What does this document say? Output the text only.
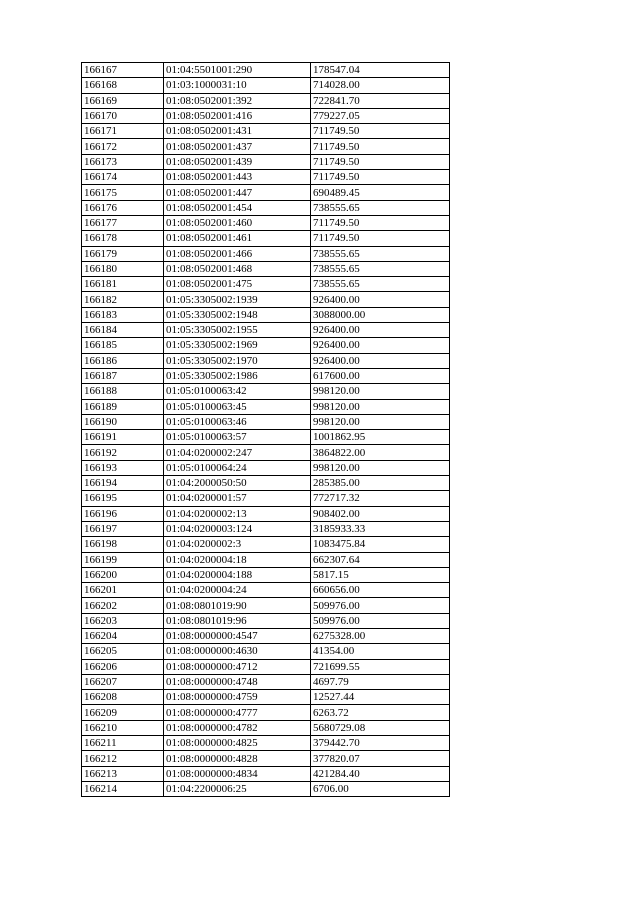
166167	01:04:5501001:290	178547.04
166168	01:03:1000031:10	714028.00
166169	01:08:0502001:392	722841.70
166170	01:08:0502001:416	779227.05
166171	01:08:0502001:431	711749.50
166172	01:08:0502001:437	711749.50
166173	01:08:0502001:439	711749.50
166174	01:08:0502001:443	711749.50
166175	01:08:0502001:447	690489.45
166176	01:08:0502001:454	738555.65
166177	01:08:0502001:460	711749.50
166178	01:08:0502001:461	711749.50
166179	01:08:0502001:466	738555.65
166180	01:08:0502001:468	738555.65
166181	01:08:0502001:475	738555.65
166182	01:05:3305002:1939	926400.00
166183	01:05:3305002:1948	3088000.00
166184	01:05:3305002:1955	926400.00
166185	01:05:3305002:1969	926400.00
166186	01:05:3305002:1970	926400.00
166187	01:05:3305002:1986	617600.00
166188	01:05:0100063:42	998120.00
166189	01:05:0100063:45	998120.00
166190	01:05:0100063:46	998120.00
166191	01:05:0100063:57	1001862.95
166192	01:04:0200002:247	3864822.00
166193	01:05:0100064:24	998120.00
166194	01:04:2000050:50	285385.00
166195	01:04:0200001:57	772717.32
166196	01:04:0200002:13	908402.00
166197	01:04:0200003:124	3185933.33
166198	01:04:0200002:3	1083475.84
166199	01:04:0200004:18	662307.64
166200	01:04:0200004:188	5817.15
166201	01:04:0200004:24	660656.00
166202	01:08:0801019:90	509976.00
166203	01:08:0801019:96	509976.00
166204	01:08:0000000:4547	6275328.00
166205	01:08:0000000:4630	41354.00
166206	01:08:0000000:4712	721699.55
166207	01:08:0000000:4748	4697.79
166208	01:08:0000000:4759	12527.44
166209	01:08:0000000:4777	6263.72
166210	01:08:0000000:4782	5680729.08
166211	01:08:0000000:4825	379442.70
166212	01:08:0000000:4828	377820.07
166213	01:08:0000000:4834	421284.40
166214	01:04:2200006:25	6706.00
